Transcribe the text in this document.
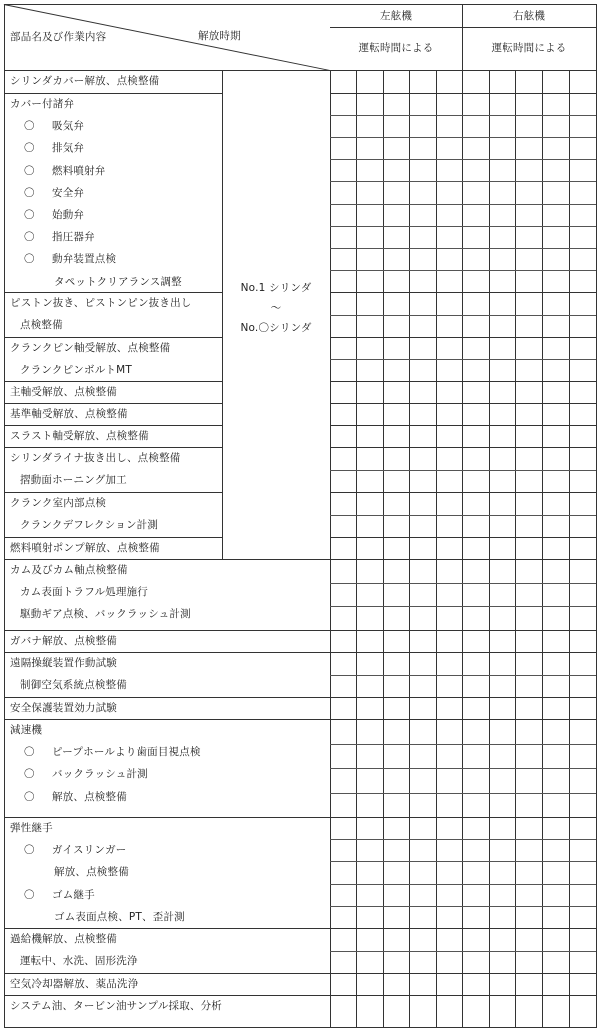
部品名及び作業内容	解放時期
左舷機
運転時間による
右舷機
運転時間による
No.1 シリンダ
～
No.〇シリンダ
シリンダカバー解放、点検整備
カバー付諸弁
〇 吸気弁
〇 排気弁
〇 燃料噴射弁
〇 安全弁
〇 始動弁
〇 指圧器弁
〇 動弁装置点検
タペットクリアランス調整
ピストン抜き、ピストンピン抜き出し
点検整備
クランクピン軸受解放、点検整備
クランクピンボルトMT
主軸受解放、点検整備
基準軸受解放、点検整備
スラスト軸受解放、点検整備
シリンダライナ抜き出し、点検整備
摺動面ホーニング加工
クランク室内部点検
クランクデフレクション計測
燃料噴射ポンプ解放、点検整備
カム及びカム軸点検整備
カム表面トラフル処理施行
駆動ギア点検、バックラッシュ計測
ガバナ解放、点検整備
遠隔操縦装置作動試験
制御空気系統点検整備
安全保護装置効力試験
減速機
〇 ピープホールより歯面目視点検
〇 バックラッシュ計測
〇 解放、点検整備
弾性継手
〇 ガイスリンガー
解放、点検整備
〇 ゴム継手
ゴム表面点検、PT、歪計測
過給機解放、点検整備
運転中、水洗、固形洗浄
空気冷却器解放、薬品洗浄
システム油、タービン油サンプル採取、分析
